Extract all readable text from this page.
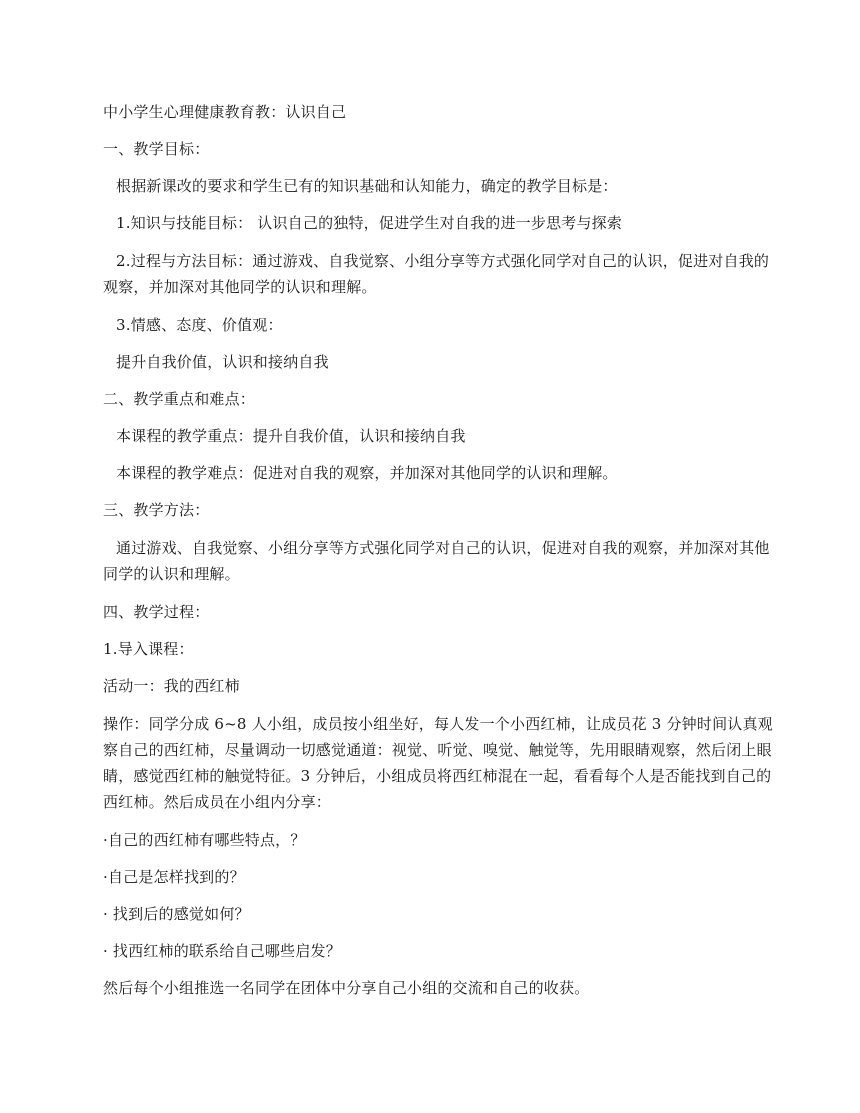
中小学生心理健康教育教：认识自己

一、教学目标：

根据新课改的要求和学生已有的知识基础和认知能力，确定的教学目标是：

1.知识与技能目标： 认识自己的独特，促进学生对自我的进一步思考与探索

2.过程与方法目标：通过游戏、自我觉察、小组分享等方式强化同学对自己的认识，促进对自我的观察，并加深对其他同学的认识和理解。

3.情感、态度、价值观：

提升自我价值，认识和接纳自我

二、教学重点和难点：

本课程的教学重点：提升自我价值，认识和接纳自我

本课程的教学难点：促进对自我的观察，并加深对其他同学的认识和理解。

三、教学方法：

通过游戏、自我觉察、小组分享等方式强化同学对自己的认识，促进对自我的观察，并加深对其他同学的认识和理解。

四、教学过程：

1.导入课程：

活动一：我的西红柿

操作：同学分成 6~8 人小组，成员按小组坐好，每人发一个小西红柿，让成员花 3 分钟时间认真观察自己的西红柿，尽量调动一切感觉通道：视觉、听觉、嗅觉、触觉等，先用眼睛观察，然后闭上眼睛，感觉西红柿的触觉特征。3 分钟后，小组成员将西红柿混在一起，看看每个人是否能找到自己的西红柿。然后成员在小组内分享：

·自己的西红柿有哪些特点，？

·自己是怎样找到的？

· 找到后的感觉如何？

· 找西红柿的联系给自己哪些启发？

然后每个小组推选一名同学在团体中分享自己小组的交流和自己的收获。
